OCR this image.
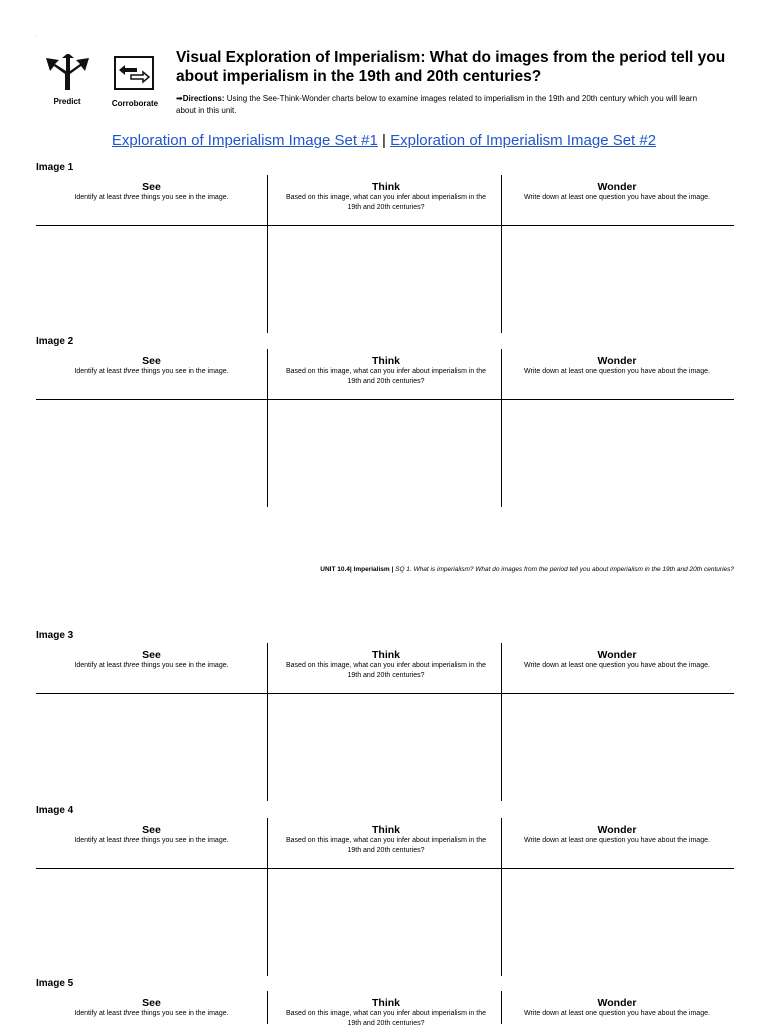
.
Predict	Corroborate
Visual Exploration of Imperialism: What do images from the period tell you about imperialism in the 19th and 20th centuries?
➡Directions: Using the See-Think-Wonder charts below to examine images related to imperialism in the 19th and 20th century which you will learn about in this unit.
Exploration of Imperialism Image Set #1 | Exploration of Imperialism Image Set #2
Image 1
See
Identify at least three things you see in the image.
Think
Based on this image, what can you infer about imperialism in the 19th and 20th centuries?
Wonder
Write down at least one question you have about the image.
Image 2
See
Identify at least three things you see in the image.
Think
Based on this image, what can you infer about imperialism in the 19th and 20th centuries?
Wonder
Write down at least one question you have about the image.
UNIT 10.4| Imperialism | SQ 1. What is imperialism? What do images from the period tell you about imperialism in the 19th and 20th centuries?
Image 3
See
Identify at least three things you see in the image.
Think
Based on this image, what can you infer about imperialism in the 19th and 20th centuries?
Wonder
Write down at least one question you have about the image.
Image 4
See
Identify at least three things you see in the image.
Think
Based on this image, what can you infer about imperialism in the 19th and 20th centuries?
Wonder
Write down at least one question you have about the image.
Image 5
See
Identify at least three things you see in the image.
Think
Based on this image, what can you infer about imperialism in the 19th and 20th centuries?
Wonder
Write down at least one question you have about the image.
